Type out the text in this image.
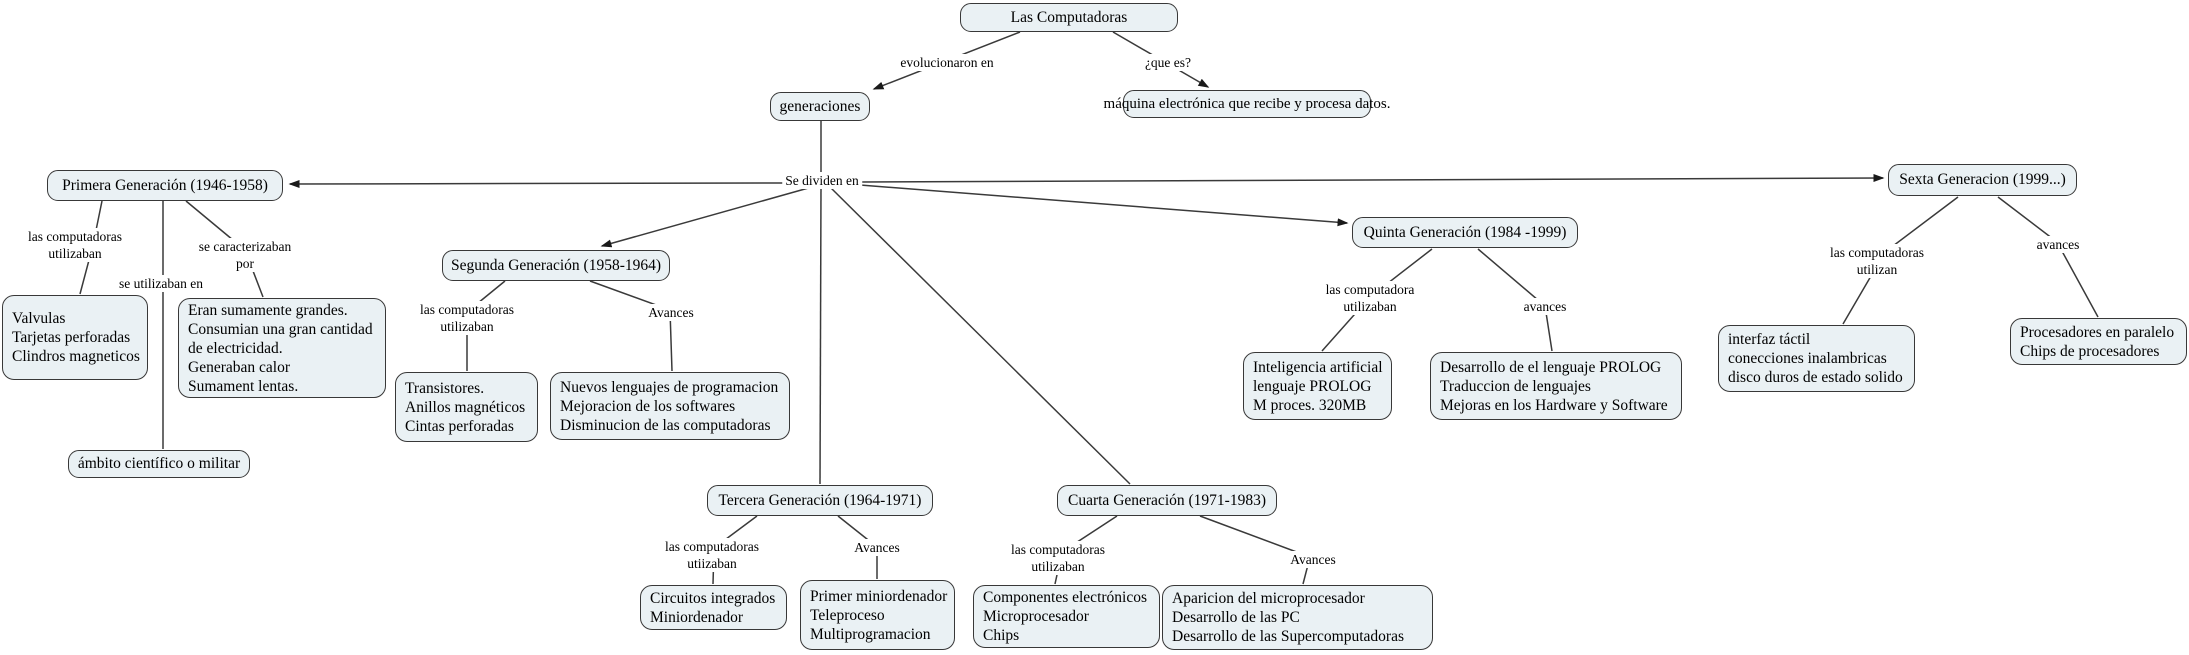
Las Computadoras
generaciones	máquina electrónica que recibe y procesa datos.
Primera Generación (1946-1958)
Segunda Generación (1958-1964)
Tercera Generación (1964-1971)	Cuarta Generación (1971-1983)
Quinta Generación (1984 -1999)
Sexta Generacion (1999...)
Valvulas
Tarjetas perforadas
Clindros magneticos
Eran sumamente grandes.
Consumian una gran cantidad
de electricidad.
Generaban calor
Sumament lentas.
ámbito científico o militar
Transistores.
Anillos magnéticos
Cintas perforadas
Nuevos lenguajes de programacion
Mejoracion de los softwares
Disminucion de las computadoras
Circuitos integrados
Miniordenador
Primer miniordenador
Teleproceso
Multiprogramacion
Componentes electrónicos
Microprocesador
Chips
Aparicion del microprocesador
Desarrollo de las PC
Desarrollo de las Supercomputadoras
Inteligencia artificial
lenguaje PROLOG
M proces. 320MB
Desarrollo de el lenguaje PROLOG
Traduccion de lenguajes
Mejoras en los Hardware y Software
interfaz táctil
conecciones inalambricas
disco duros de estado solido
Procesadores en paralelo
Chips de procesadores
evolucionaron en	¿que es?
Se dividen en
las computadoras
utilizaban
se utilizaban en
se caracterizaban
por
las computadoras
utilizaban
Avances
las computadoras
utiizaban
Avances	las computadoras
utilizaban	Avances
las computadora
utilizaban	avances
las computadoras
utilizan
avances
